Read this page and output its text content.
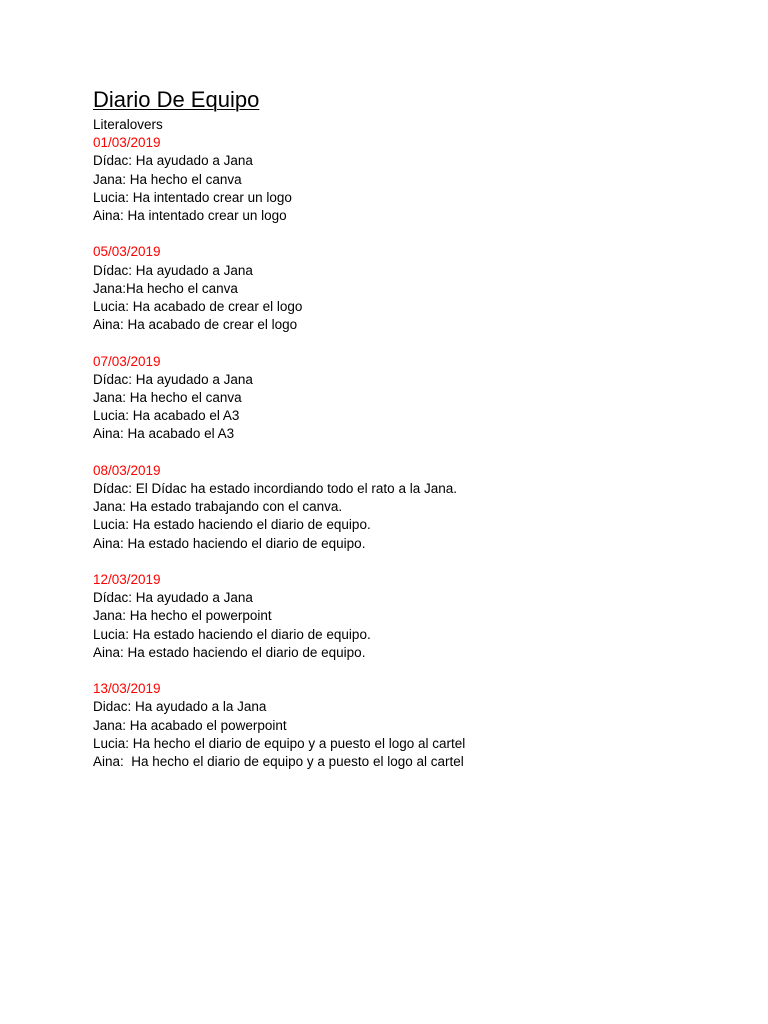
Diario De Equipo

Literalovers

01/03/2019

Dídac: Ha ayudado a Jana

Jana: Ha hecho el canva

Lucia: Ha intentado crear un logo

Aina: Ha intentado crear un logo

05/03/2019

Dídac: Ha ayudado a Jana

Jana:Ha hecho el canva

Lucia: Ha acabado de crear el logo

Aina: Ha acabado de crear el logo

07/03/2019

Dídac: Ha ayudado a Jana

Jana: Ha hecho el canva

Lucia: Ha acabado el A3

Aina: Ha acabado el A3

08/03/2019

Dídac: El Dídac ha estado incordiando todo el rato a la Jana.

Jana: Ha estado trabajando con el canva.

Lucia: Ha estado haciendo el diario de equipo.

Aina: Ha estado haciendo el diario de equipo.

12/03/2019

Dídac: Ha ayudado a Jana

Jana: Ha hecho el powerpoint

Lucia: Ha estado haciendo el diario de equipo.

Aina: Ha estado haciendo el diario de equipo.

13/03/2019

Didac: Ha ayudado a la Jana

Jana: Ha acabado el powerpoint

Lucia: Ha hecho el diario de equipo y a puesto el logo al cartel

Aina:  Ha hecho el diario de equipo y a puesto el logo al cartel
